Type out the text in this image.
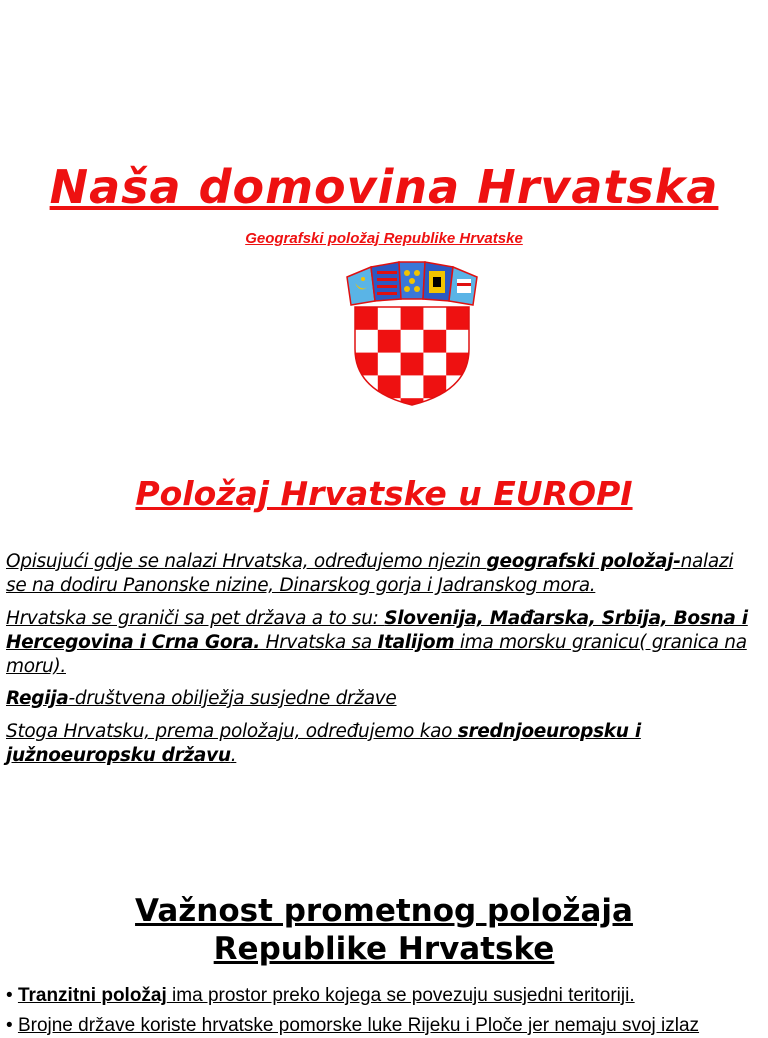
Naša domovina Hrvatska
Geografski položaj Republike Hrvatske
Položaj Hrvatske u EUROPI
Opisujući gdje se nalazi Hrvatska, određujemo njezin geografski položaj-nalazi se na dodiru Panonske nizine, Dinarskog gorja i Jadranskog mora.
Hrvatska se graniči sa pet država a to su: Slovenija, Mađarska, Srbija, Bosna i Hercegovina i Crna Gora. Hrvatska sa Italijom ima morsku granicu( granica na moru).
Regija-društvena obilježja susjedne države
Stoga Hrvatsku, prema položaju, određujemo kao srednjoeuropsku i južnoeuropsku državu.
Važnost prometnog položaja
Republike Hrvatske
• Tranzitni položaj ima prostor preko kojega se povezuju susjedni teritoriji.
• Brojne države koriste hrvatske pomorske luke Rijeku i Ploče jer nemaju svoj izlaz
